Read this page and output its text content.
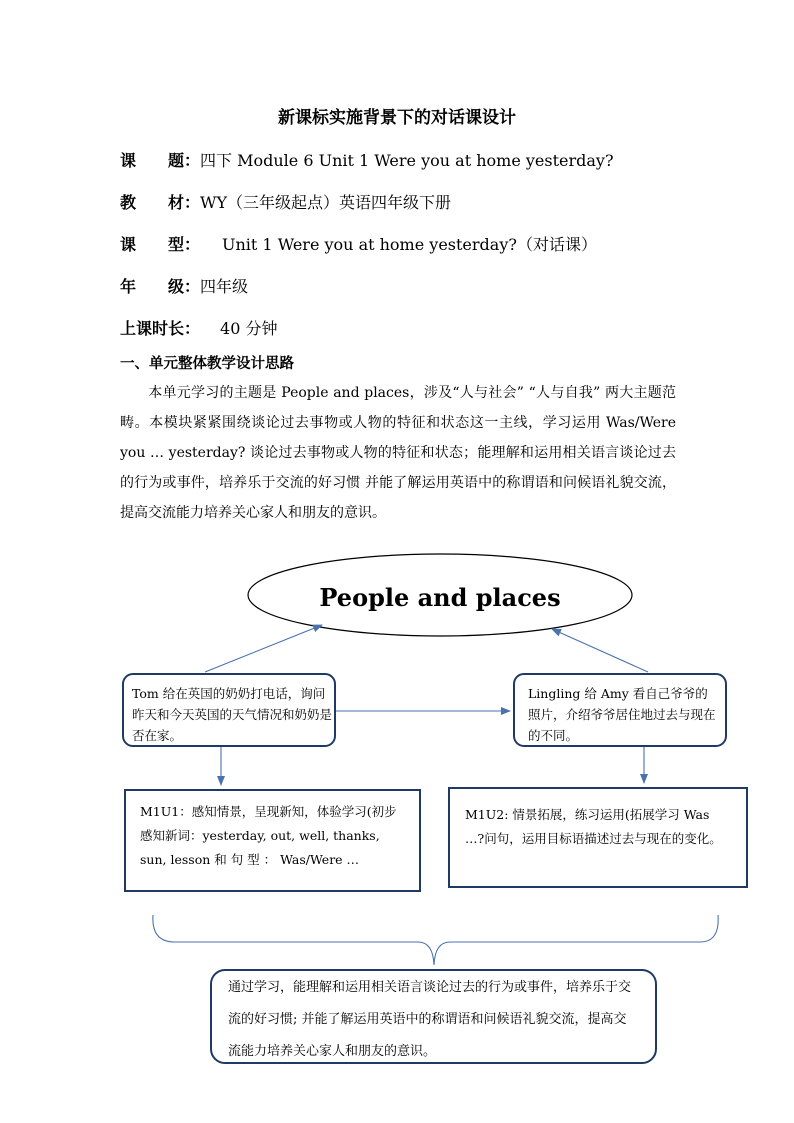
新课标实施背景下的对话课设计
课 题： 四下 Module 6 Unit 1 Were you at home yesterday?
教 材： WY（三年级起点）英语四年级下册
课 型： Unit 1 Were you at home yesterday?（对话课）
年 级： 四年级
上课时长： 40 分钟
一、单元整体教学设计思路
本单元学习的主题是 People and places，涉及“人与社会” “人与自我” 两大主题范畴。本模块紧紧围绕谈论过去事物或人物的特征和状态这一主线，学习运用 Was/Were you … yesterday? 谈论过去事物或人物的特征和状态；能理解和运用相关语言谈论过去的行为或事件，培养乐于交流的好习惯 并能了解运用英语中的称谓语和问候语礼貌交流，提高交流能力培养关心家人和朋友的意识。
People and places
Tom 给在英国的奶奶打电话，询问昨天和今天英国的天气情况和奶奶是否在家。
Lingling 给 Amy 看自己爷爷的照片，介绍爷爷居住地过去与现在的不同。
M1U1：感知情景，呈现新知，体验学习(初步感知新词：yesterday, out, well, thanks, sun, lesson 和 句 型 ： Was/Were …
M1U2: 情景拓展，练习运用(拓展学习 Was …?问句，运用目标语描述过去与现在的变化。
通过学习，能理解和运用相关语言谈论过去的行为或事件，培养乐于交流的好习惯; 并能了解运用英语中的称谓语和问候语礼貌交流，提高交流能力培养关心家人和朋友的意识。
